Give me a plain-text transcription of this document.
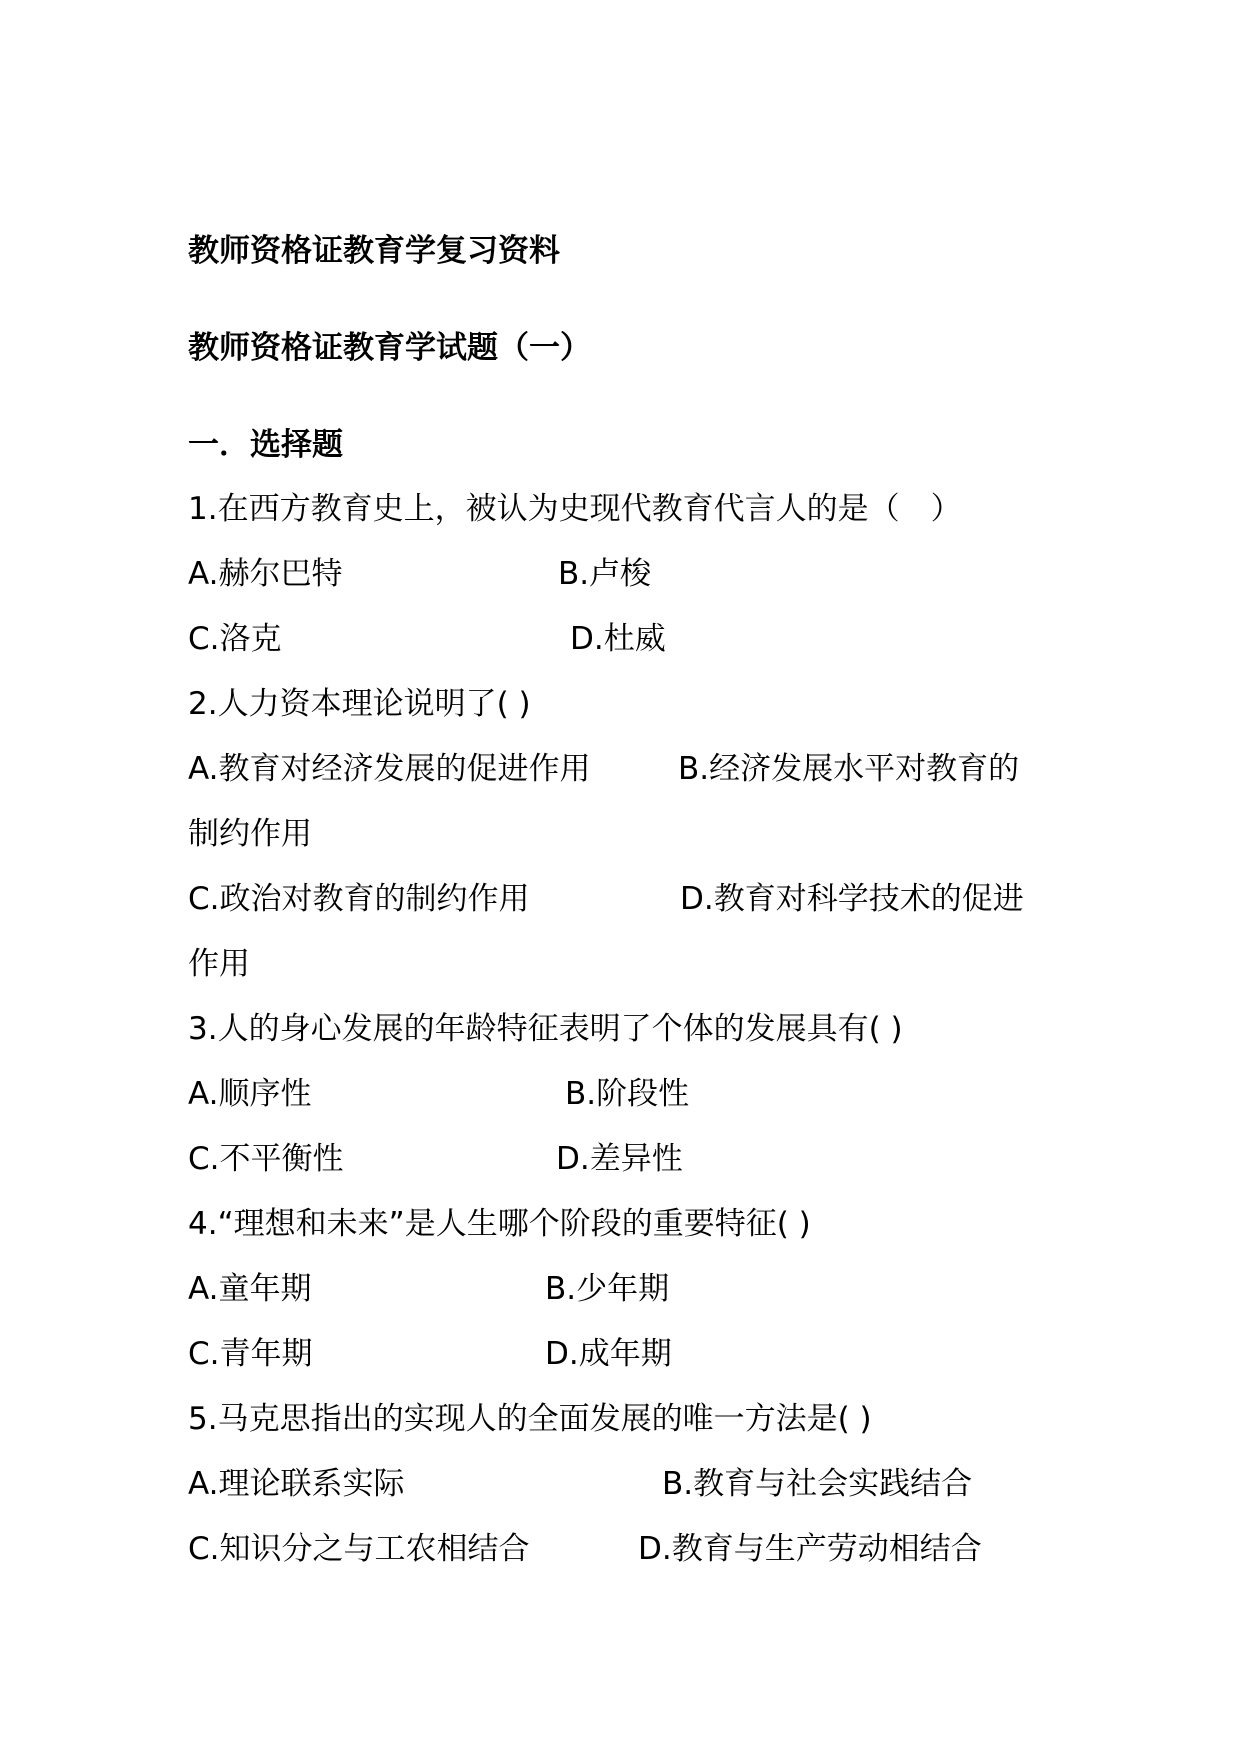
教师资格证教育学复习资料
教师资格证教育学试题（一）
一．选择题
1.在西方教育史上，被认为史现代教育代言人的是（　）
A.赫尔巴特	B.卢梭
C.洛克	D.杜威
2.人力资本理论说明了( )
A.教育对经济发展的促进作用	B.经济发展水平对教育的
制约作用
C.政治对教育的制约作用	D.教育对科学技术的促进
作用
3.人的身心发展的年龄特征表明了个体的发展具有( )
A.顺序性	B.阶段性
C.不平衡性	D.差异性
4.“理想和未来”是人生哪个阶段的重要特征( )
A.童年期	B.少年期
C.青年期	D.成年期
5.马克思指出的实现人的全面发展的唯一方法是( )
A.理论联系实际	B.教育与社会实践结合
C.知识分之与工农相结合	D.教育与生产劳动相结合
